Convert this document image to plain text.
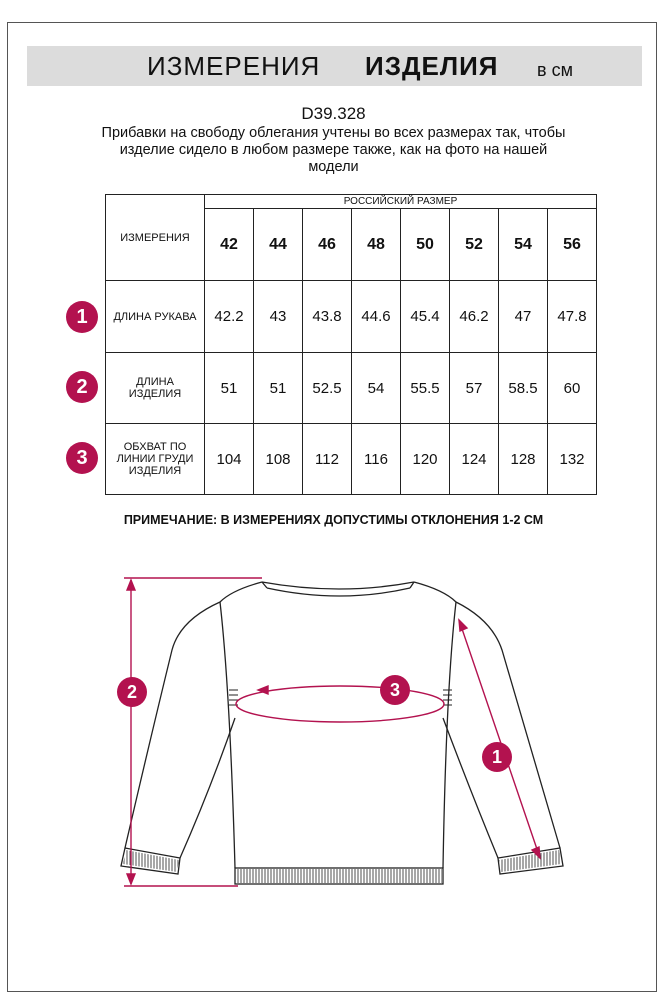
ИЗМЕРЕНИЯ ИЗДЕЛИЯ в см
D39.328
Прибавки на свободу облегания учтены во всех размерах так, чтобы
изделие сидело в любом размере также, как на фото на нашей
модели
ИЗМЕРЕНИЯ	РОССИЙСКИЙ РАЗМЕР							
	42	44	46	48	50	52	54	56
ДЛИНА РУКАВА	42.2	43	43.8	44.6	45.4	46.2	47	47.8

ДЛИНА ИЗДЕЛИЯ	51	51	52.5	54	55.5	57	58.5	60

ОБХВАТ ПО ЛИНИИ ГРУДИ ИЗДЕЛИЯ	104	108	112	116	120	124	128	132
1
2
3
ПРИМЕЧАНИЕ: В ИЗМЕРЕНИЯХ ДОПУСТИМЫ ОТКЛОНЕНИЯ 1-2 СМ
2	3
1
